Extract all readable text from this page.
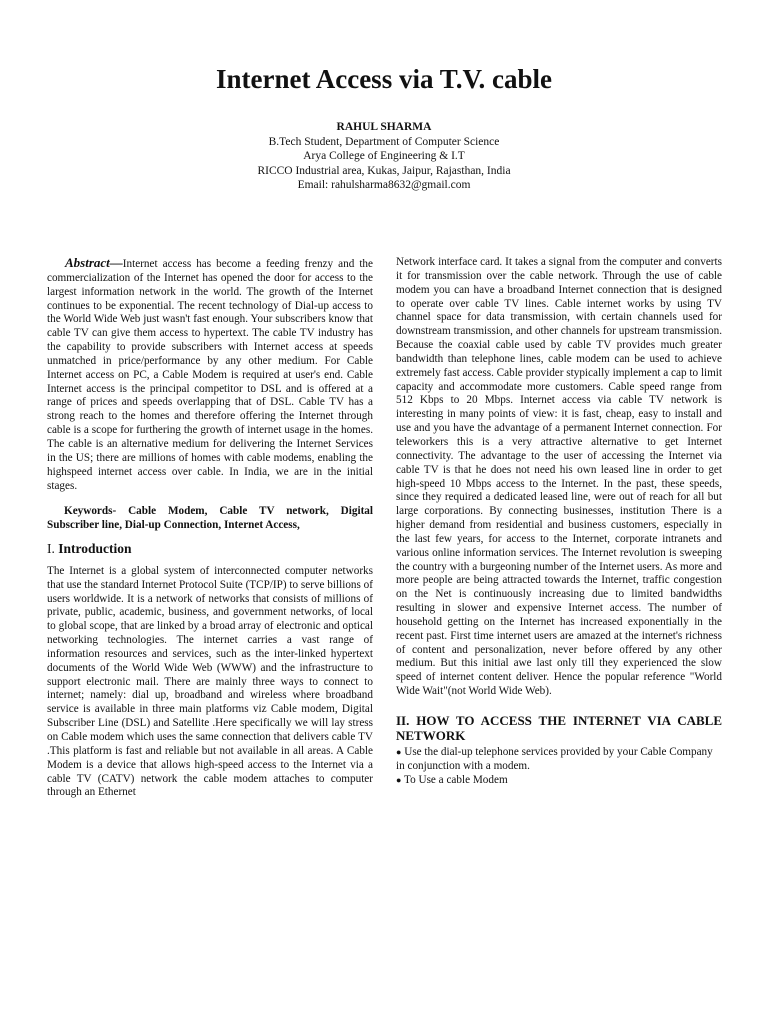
Internet Access via T.V. cable
RAHUL SHARMA
B.Tech Student, Department of Computer Science
Arya College of Engineering & I.T
RICCO Industrial area, Kukas, Jaipur, Rajasthan, India
Email: rahulsharma8632@gmail.com

Abstract—Internet access has become a feeding frenzy and the commercialization of the Internet has opened the door for access to the largest information network in the world. The growth of the Internet continues to be exponential. The recent technology of Dial-up access to the World Wide Web just wasn't fast enough. Your subscribers know that cable TV can give them access to hypertext. The cable TV industry has the capability to provide subscribers with Internet access at speeds unmatched in price/performance by any other medium. For Cable Internet access on PC, a Cable Modem is required at user's end. Cable Internet access is the principal competitor to DSL and is offered at a range of prices and speeds overlapping that of DSL. Cable TV has a strong reach to the homes and therefore offering the Internet through cable is a scope for furthering the growth of internet usage in the homes. The cable is an alternative medium for delivering the Internet Services in the US; there are millions of homes with cable modems, enabling the highspeed internet access over cable. In India, we are in the initial stages.

Keywords- Cable Modem, Cable TV network, Digital Subscriber line, Dial-up Connection, Internet Access,

I. Introduction

The Internet is a global system of interconnected computer networks that use the standard Internet Protocol Suite (TCP/IP) to serve billions of users worldwide. It is a network of networks that consists of millions of private, public, academic, business, and government networks, of local to global scope, that are linked by a broad array of electronic and optical networking technologies. The internet carries a vast range of information resources and services, such as the inter-linked hypertext documents of the World Wide Web (WWW) and the infrastructure to support electronic mail. There are mainly three ways to connect to internet; namely: dial up, broadband and wireless where broadband service is available in three main platforms viz Cable modem, Digital Subscriber Line (DSL) and Satellite .Here specifically we will lay stress on Cable modem which uses the same connection that delivers cable TV .This platform is fast and reliable but not available in all areas. A Cable Modem is a device that allows high-speed access to the Internet via a cable TV (CATV) network the cable modem attaches to computer through an Ethernet

Network interface card. It takes a signal from the computer and converts it for transmission over the cable network. Through the use of cable modem you can have a broadband Internet connection that is designed to operate over cable TV lines. Cable internet works by using TV channel space for data transmission, with certain channels used for downstream transmission, and other channels for upstream transmission. Because the coaxial cable used by cable TV provides much greater bandwidth than telephone lines, cable modem can be used to achieve extremely fast access. Cable provider stypically implement a cap to limit capacity and accommodate more customers. Cable speed range from 512 Kbps to 20 Mbps. Internet access via cable TV network is interesting in many points of view: it is fast, cheap, easy to install and use and you have the advantage of a permanent Internet connection. For teleworkers this is a very attractive alternative to get Internet connectivity. The advantage to the user of accessing the Internet via cable TV is that he does not need his own leased line in order to get high-speed 10 Mbps access to the Internet. In the past, these speeds, since they required a dedicated leased line, were out of reach for all but large corporations. By connecting businesses, institution There is a higher demand from residential and business customers, especially in the last few years, for access to the Internet, corporate intranets and various online information services. The Internet revolution is sweeping the country with a burgeoning number of the Internet users. As more and more people are being attracted towards the Internet, traffic congestion on the Net is continuously increasing due to limited bandwidths resulting in slower and expensive Internet access. The number of household getting on the Internet has increased exponentially in the recent past. First time internet users are amazed at the internet's richness of content and personalization, never before offered by any other medium. But this initial awe last only till they experienced the slow speed of internet content deliver. Hence the popular reference "World Wide Wait"(not World Wide Web).

II. HOW TO ACCESS THE INTERNET VIA CABLE NETWORK

● Use the dial-up telephone services provided by your Cable Company in conjunction with a modem.

● To Use a cable Modem
